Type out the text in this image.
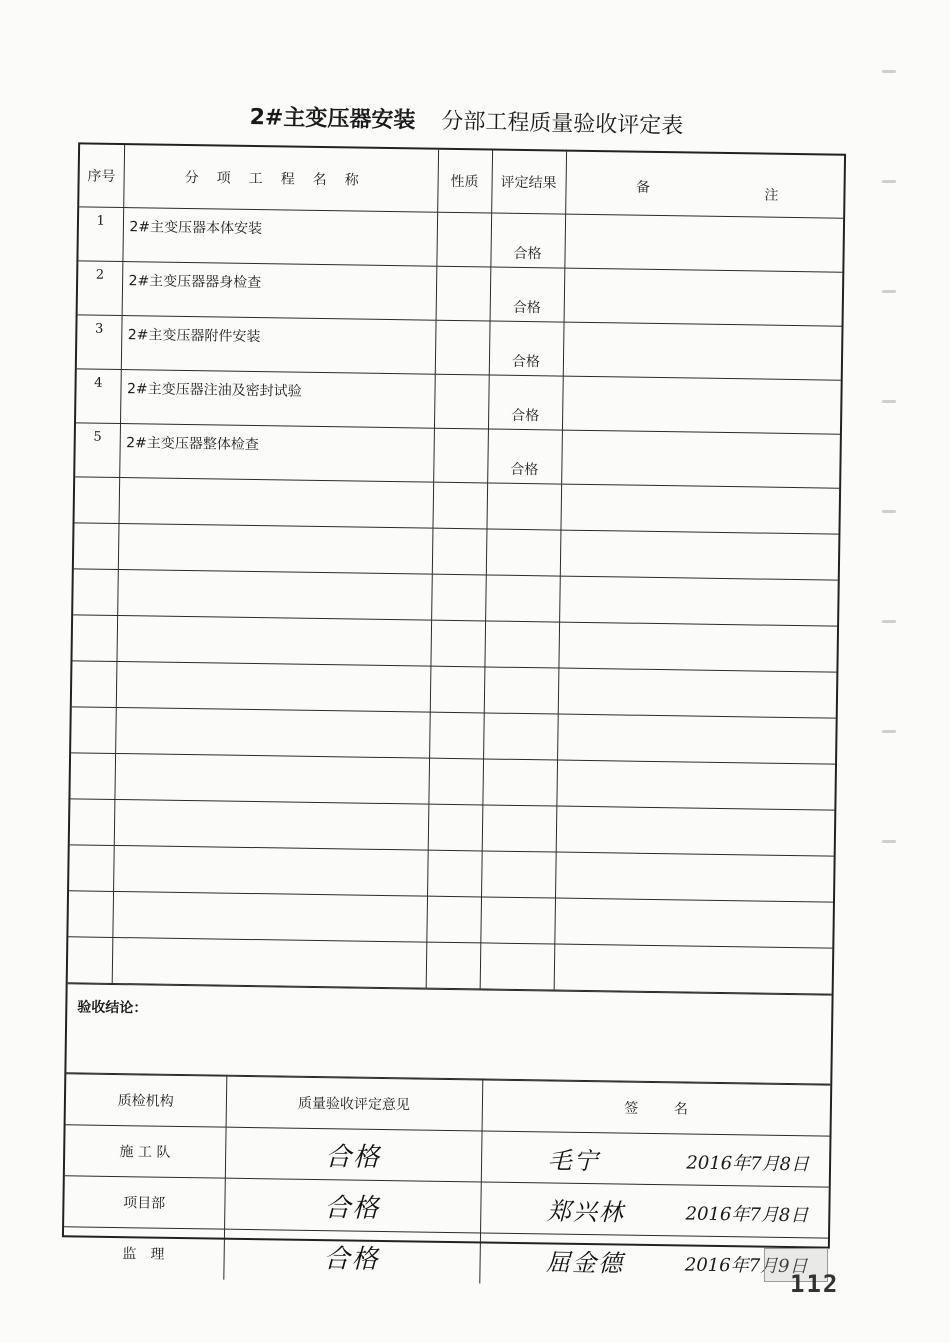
2#主变压器安装 分部工程质量验收评定表
序号	分项工程名称	性质	评定结果	备 注

1	2#主变压器本体安装		合格	
2	2#主变压器器身检查		合格	
3	2#主变压器附件安装		合格	
4	2#主变压器注油及密封试验		合格	
5	2#主变压器整体检查		合格	

验收结论：
质检机构	质量验收评定意见	签        名
施 工 队	合格	毛宁 2016年7月8日

项目部	合格	郑兴林 2016年7月8日

监　理	合格	屈金德 2016年7月9日
112
